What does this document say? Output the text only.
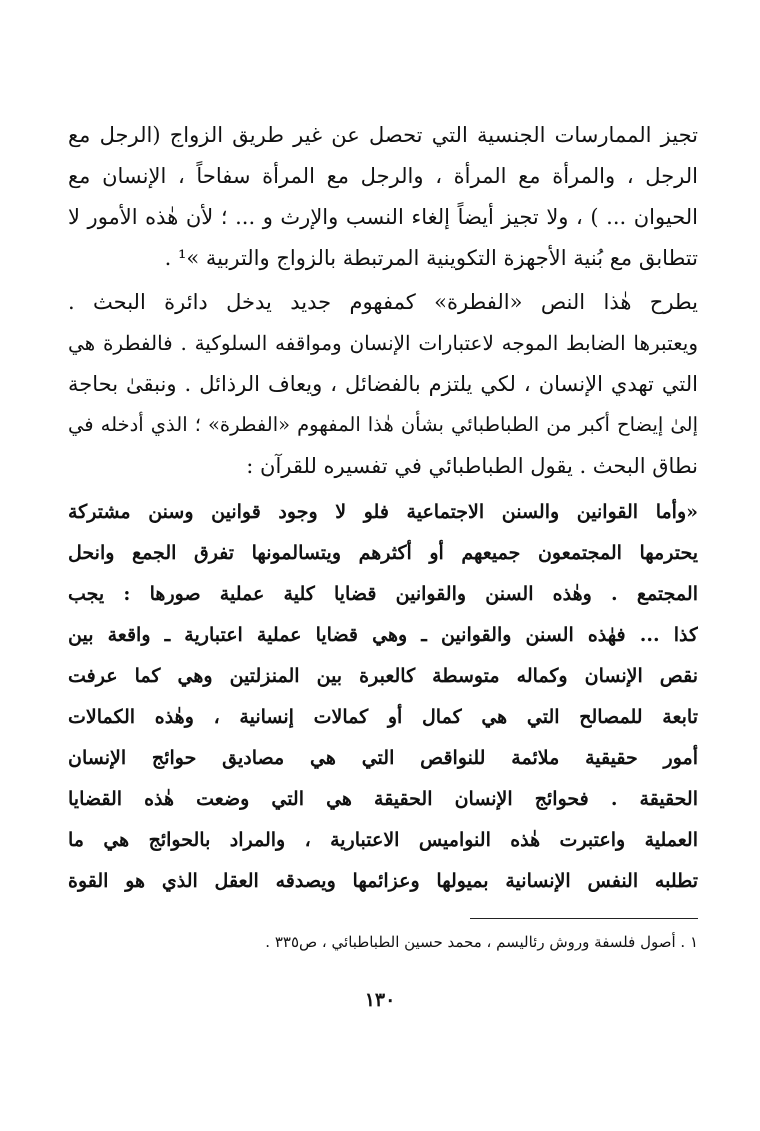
تجيز الممارسات الجنسية التي تحصل عن غير طريق الزواج (الرجل مع
الرجل ، والمرأة مع المرأة ، والرجل مع المرأة سفاحاً ، الإنسان مع
الحيوان ... ) ، ولا تجيز أيضاً إلغاء النسب والإرث و ... ؛ لأن هٰذه الأمور لا
تتطابق مع بُنية الأجهزة التكوينية المرتبطة بالزواج والتربية »¹ .
يطرح هٰذا النص «الفطرة» كمفهوم جديد يدخل دائرة البحث .
ويعتبرها الضابط الموجه لاعتبارات الإنسان ومواقفه السلوكية . فالفطرة هي
التي تهدي الإنسان ، لكي يلتزم بالفضائل ، ويعاف الرذائل . ونبقىٰ بحاجة
إلىٰ إيضاح أكبر من الطباطبائي بشأن هٰذا المفهوم «الفطرة» ؛ الذي أدخله في
نطاق البحث . يقول الطباطبائي في تفسيره للقرآن :
«وأما القوانين والسنن الاجتماعية فلو لا وجود قوانين وسنن مشتركة
يحترمها المجتمعون جميعهم أو أكثرهم ويتسالمونها تفرق الجمع وانحل
المجتمع . وهٰذه السنن والقوانين قضايا كلية عملية صورها : يجب
كذا ... فهٰذه السنن والقوانين ـ وهي قضايا عملية اعتبارية ـ واقعة بين
نقص الإنسان وكماله متوسطة كالعبرة بين المنزلتين وهي كما عرفت
تابعة للمصالح التي هي كمال أو كمالات إنسانية ، وهٰذه الكمالات
أمور حقيقية ملائمة للنواقص التي هي مصاديق حوائج الإنسان
الحقيقة . فحوائج الإنسان الحقيقة هي التي وضعت هٰذه القضايا
العملية واعتبرت هٰذه النواميس الاعتبارية ، والمراد بالحوائج هي ما
تطلبه النفس الإنسانية بميولها وعزائمها ويصدقه العقل الذي هو القوة
١ . أصول فلسفة وروش رئاليسم ، محمد حسين الطباطبائي ، ص٣٣٥ .
١٣٠
